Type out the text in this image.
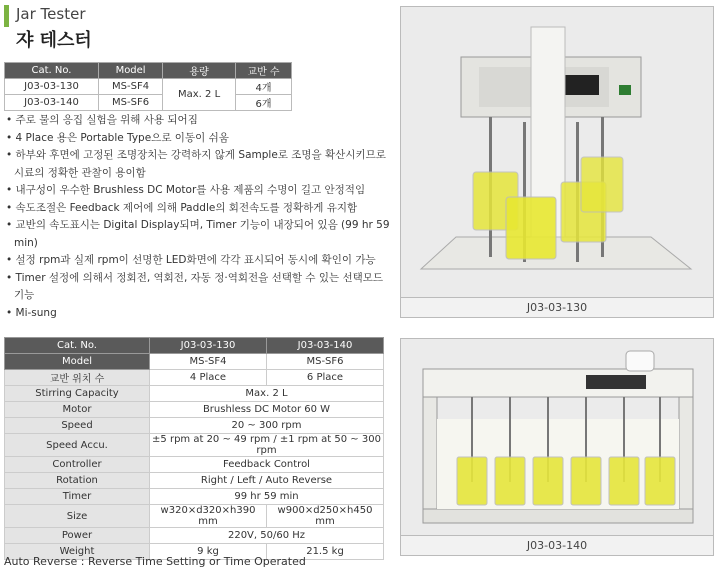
Jar Tester
쟈 테스터
Cat. No.	Model	용량	교반 수
J03-03-130	MS-SF4	Max. 2 L	4개
J03-03-140	MS-SF6		6개
• 주로 물의 응집 실험을 위해 사용 되어짐
• 4 Place 용은 Portable Type으로 이동이 쉬움
• 하부와 후면에 고정된 조명장치는 강력하지 않게 Sample로 조명을 확산시키므로 시료의 정확한 관찰이 용이함
• 내구성이 우수한 Brushless DC Motor를 사용 제품의 수명이 길고 안정적임
• 속도조절은 Feedback 제어에 의해 Paddle의 회전속도를 정확하게 유지함
• 교반의 속도표시는 Digital Display되며, Timer 기능이 내장되어 있음 (99 hr 59 min)
• 설정 rpm과 실제 rpm이 선명한 LED화면에 각각 표시되어 동시에 확인이 가능
• Timer 설정에 의해서 정회전, 역회전, 자동 정·역회전을 선택할 수 있는 선택모드 기능
• Mi-sung	J03-03-130
J03-03-140
Cat. No.	J03-03-130	J03-03-140
Model	MS-SF4	MS-SF6
교반 위치 수	4 Place	6 Place
Stirring Capacity	Max. 2 L	
Motor	Brushless DC Motor 60 W	
Speed	20 ~ 300 rpm	
Speed Accu.	±5 rpm at 20 ~ 49 rpm / ±1 rpm at 50 ~ 300 rpm	
Controller	Feedback Control	
Rotation	Right / Left / Auto Reverse	
Timer	99 hr 59 min	
Size	w320×d320×h390 mm	w900×d250×h450 mm
Power	220V, 50/60 Hz	
Weight	9 kg	21.5 kg
Auto Reverse : Reverse Time Setting or Time Operated
